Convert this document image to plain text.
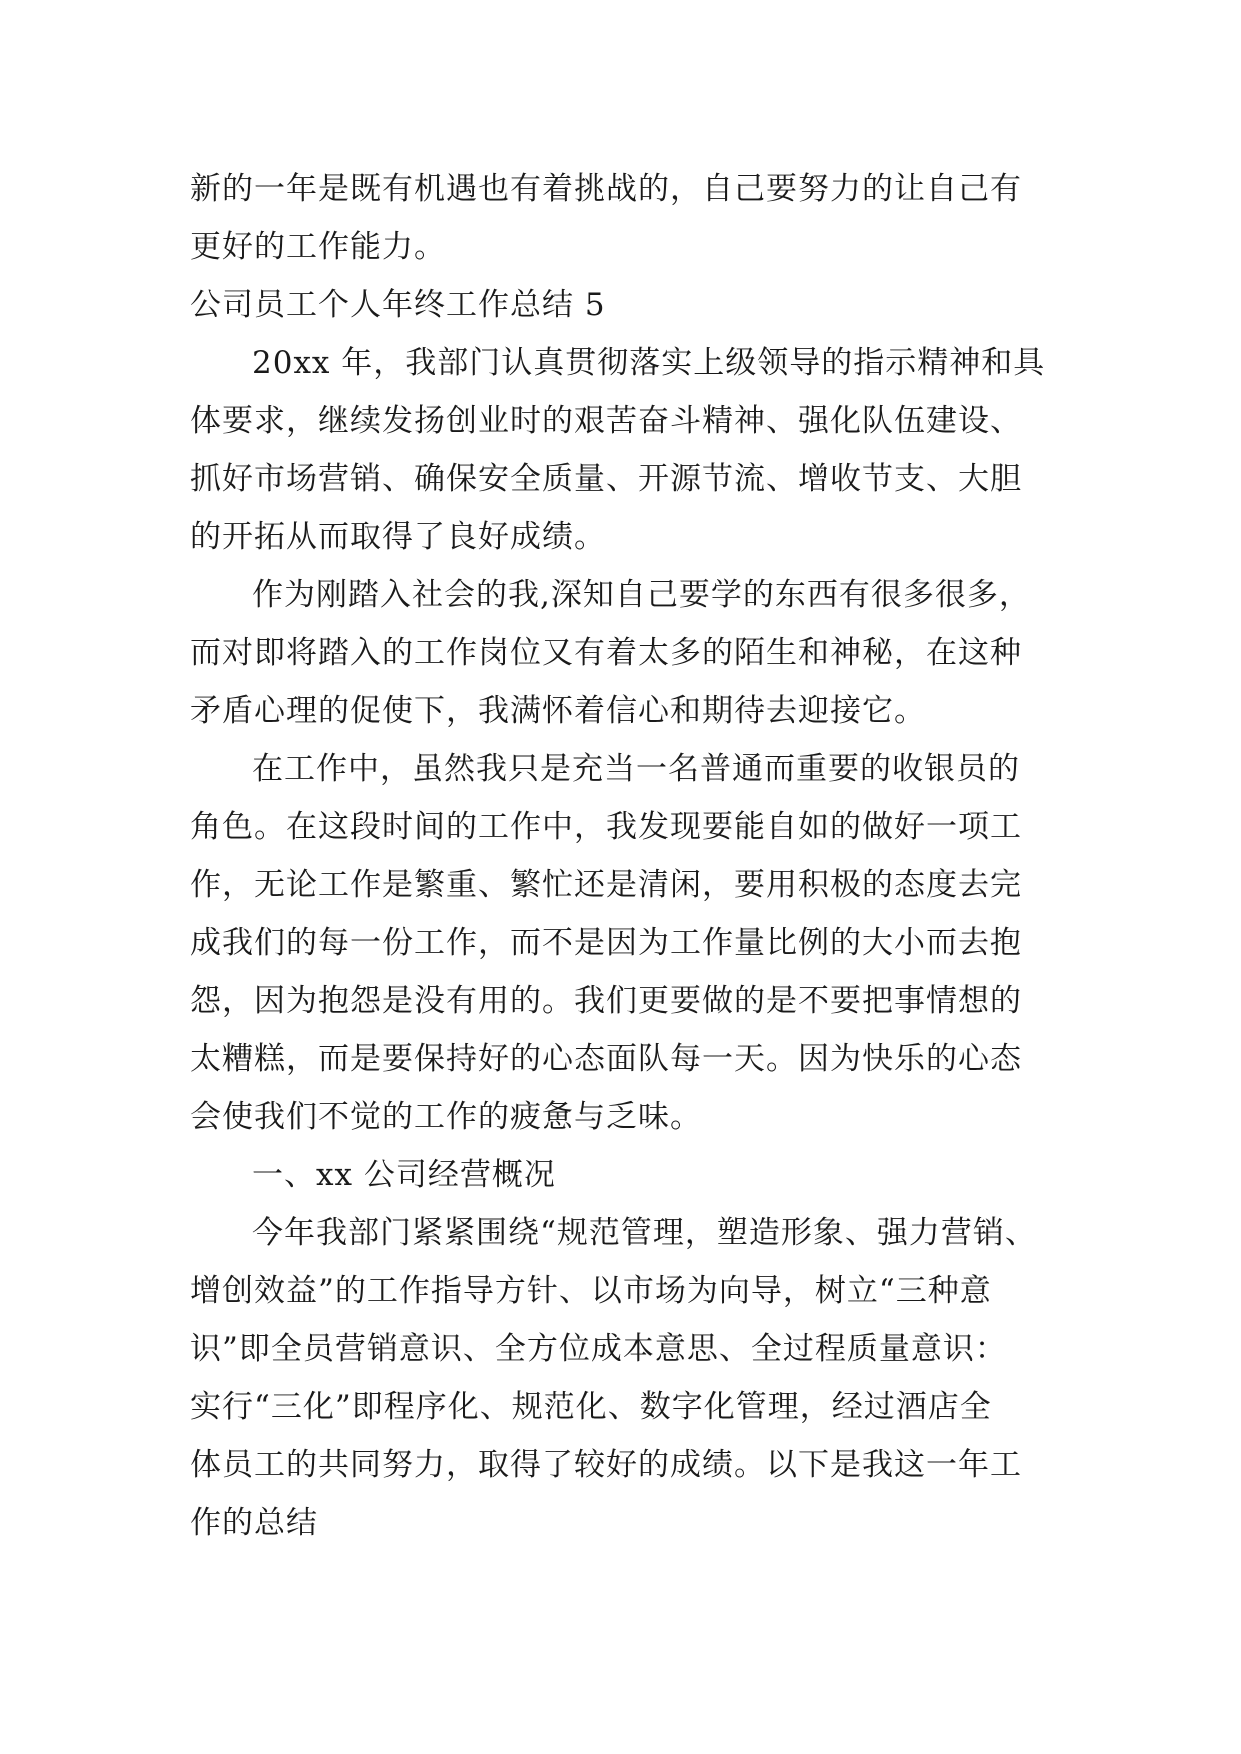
新的一年是既有机遇也有着挑战的，自己要努力的让自己有
更好的工作能力。
公司员工个人年终工作总结 5
20xx 年，我部门认真贯彻落实上级领导的指示精神和具
体要求，继续发扬创业时的艰苦奋斗精神、强化队伍建设、
抓好市场营销、确保安全质量、开源节流、增收节支、大胆
的开拓从而取得了良好成绩。
作为刚踏入社会的我,深知自己要学的东西有很多很多，
而对即将踏入的工作岗位又有着太多的陌生和神秘，在这种
矛盾心理的促使下，我满怀着信心和期待去迎接它。
在工作中，虽然我只是充当一名普通而重要的收银员的
角色。在这段时间的工作中，我发现要能自如的做好一项工
作，无论工作是繁重、繁忙还是清闲，要用积极的态度去完
成我们的每一份工作，而不是因为工作量比例的大小而去抱
怨，因为抱怨是没有用的。我们更要做的是不要把事情想的
太糟糕，而是要保持好的心态面队每一天。因为快乐的心态
会使我们不觉的工作的疲惫与乏味。
一、xx 公司经营概况
今年我部门紧紧围绕“规范管理，塑造形象、强力营销、
增创效益”的工作指导方针、以市场为向导，树立“三种意
识”即全员营销意识、全方位成本意思、全过程质量意识：
实行“三化”即程序化、规范化、数字化管理，经过酒店全
体员工的共同努力，取得了较好的成绩。以下是我这一年工
作的总结
